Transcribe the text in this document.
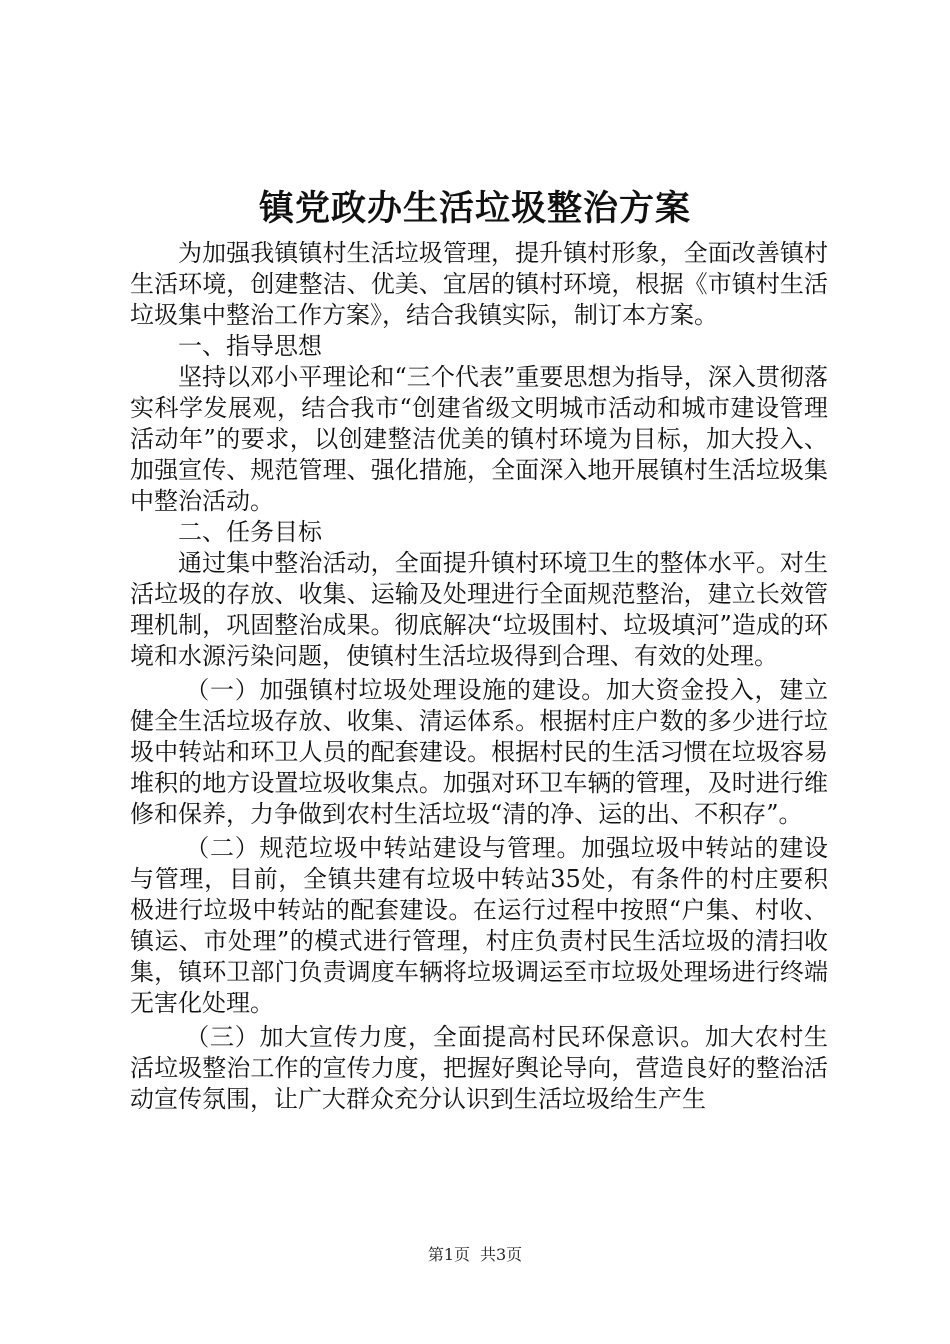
镇党政办生活垃圾整治方案

为加强我镇镇村生活垃圾管理，提升镇村形象，全面改善镇村生活环境，创建整洁、优美、宜居的镇村环境，根据《市镇村生活垃圾集中整治工作方案》，结合我镇实际，制订本方案。

一、指导思想

坚持以邓小平理论和“三个代表”重要思想为指导，深入贯彻落实科学发展观，结合我市“创建省级文明城市活动和城市建设管理活动年”的要求，以创建整洁优美的镇村环境为目标，加大投入、加强宣传、规范管理、强化措施，全面深入地开展镇村生活垃圾集中整治活动。

二、任务目标

通过集中整治活动，全面提升镇村环境卫生的整体水平。对生活垃圾的存放、收集、运输及处理进行全面规范整治，建立长效管理机制，巩固整治成果。彻底解决“垃圾围村、垃圾填河”造成的环境和水源污染问题，使镇村生活垃圾得到合理、有效的处理。

（一）加强镇村垃圾处理设施的建设。加大资金投入，建立健全生活垃圾存放、收集、清运体系。根据村庄户数的多少进行垃圾中转站和环卫人员的配套建设。根据村民的生活习惯在垃圾容易堆积的地方设置垃圾收集点。加强对环卫车辆的管理，及时进行维修和保养，力争做到农村生活垃圾“清的净、运的出、不积存”。

（二）规范垃圾中转站建设与管理。加强垃圾中转站的建设与管理，目前，全镇共建有垃圾中转站35处，有条件的村庄要积极进行垃圾中转站的配套建设。在运行过程中按照“户集、村收、镇运、市处理”的模式进行管理，村庄负责村民生活垃圾的清扫收集，镇环卫部门负责调度车辆将垃圾调运至市垃圾处理场进行终端无害化处理。

（三）加大宣传力度，全面提高村民环保意识。加大农村生活垃圾整治工作的宣传力度，把握好舆论导向，营造良好的整治活动宣传氛围，让广大群众充分认识到生活垃圾给生产生

第1页 共3页
